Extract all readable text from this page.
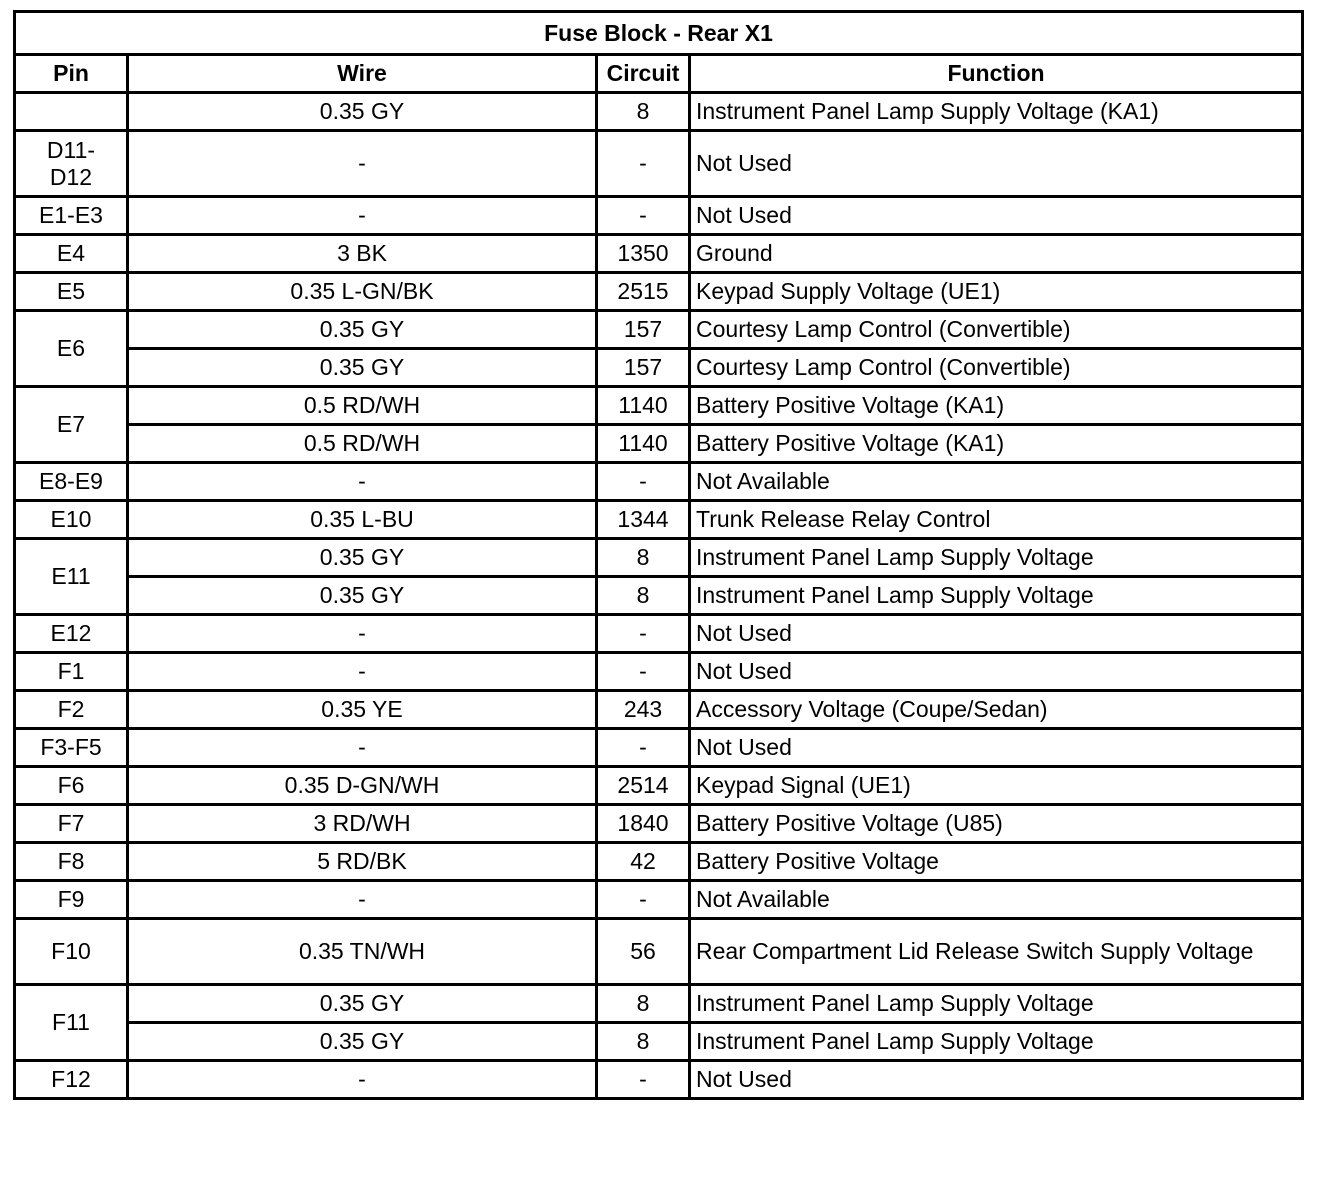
Fuse Block - Rear X1			
Pin	Wire	Circuit	Function
	0.35 GY	8	Instrument Panel Lamp Supply Voltage (KA1)
D11-
D12	-	-	Not Used
E1-E3	-	-	Not Used
E4	3 BK	1350	Ground
E5	0.35 L-GN/BK	2515	Keypad Supply Voltage (UE1)
E6	0.35 GY	157	Courtesy Lamp Control (Convertible)
	0.35 GY	157	Courtesy Lamp Control (Convertible)
E7	0.5 RD/WH	1140	Battery Positive Voltage (KA1)
	0.5 RD/WH	1140	Battery Positive Voltage (KA1)
E8-E9	-	-	Not Available
E10	0.35 L-BU	1344	Trunk Release Relay Control
E11	0.35 GY	8	Instrument Panel Lamp Supply Voltage
	0.35 GY	8	Instrument Panel Lamp Supply Voltage
E12	-	-	Not Used
F1	-	-	Not Used
F2	0.35 YE	243	Accessory Voltage (Coupe/Sedan)
F3-F5	-	-	Not Used
F6	0.35 D-GN/WH	2514	Keypad Signal (UE1)
F7	3 RD/WH	1840	Battery Positive Voltage (U85)
F8	5 RD/BK	42	Battery Positive Voltage
F9	-	-	Not Available
F10	0.35 TN/WH	56	Rear Compartment Lid Release Switch Supply Voltage
F11	0.35 GY	8	Instrument Panel Lamp Supply Voltage
	0.35 GY	8	Instrument Panel Lamp Supply Voltage
F12	-	-	Not Used
